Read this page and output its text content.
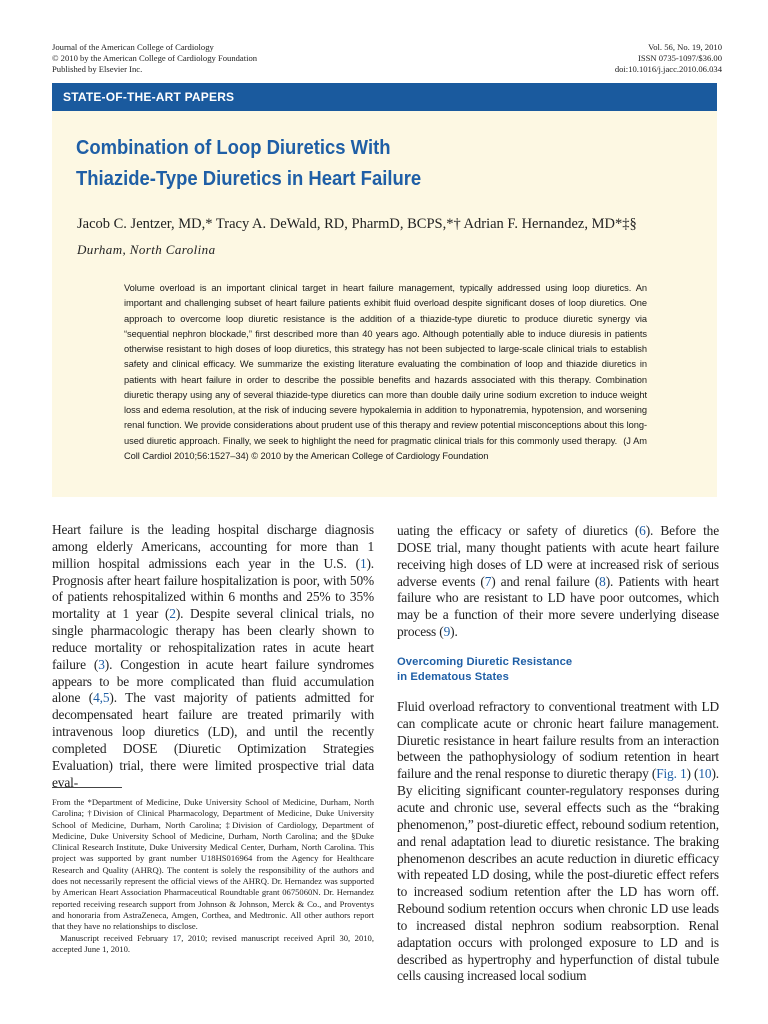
Journal of the American College of Cardiology
© 2010 by the American College of Cardiology Foundation
Published by Elsevier Inc.
Vol. 56, No. 19, 2010
ISSN 0735-1097/$36.00
doi:10.1016/j.jacc.2010.06.034
STATE-OF-THE-ART PAPERS
Combination of Loop Diuretics With
Thiazide-Type Diuretics in Heart Failure
Jacob C. Jentzer, MD,* Tracy A. DeWald, RD, PharmD, BCPS,*† Adrian F. Hernandez, MD*‡§
Durham, North Carolina
Volume overload is an important clinical target in heart failure management, typically addressed using loop diuretics. An important and challenging subset of heart failure patients exhibit fluid overload despite significant doses of loop diuretics. One approach to overcome loop diuretic resistance is the addition of a thiazide-type diuretic to produce diuretic synergy via “sequential nephron blockade,” first described more than 40 years ago. Although potentially able to induce diuresis in patients otherwise resistant to high doses of loop diuretics, this strategy has not been subjected to large-scale clinical trials to establish safety and clinical efficacy. We summarize the existing literature evaluating the combination of loop and thiazide diuretics in patients with heart failure in order to describe the possible benefits and hazards associated with this therapy. Combination diuretic therapy using any of several thiazide-type diuretics can more than double daily urine sodium excretion to induce weight loss and edema resolution, at the risk of inducing severe hypokalemia in addition to hyponatremia, hypotension, and worsening renal function. We provide considerations about prudent use of this therapy and review potential misconceptions about this long-used diuretic approach. Finally, we seek to highlight the need for pragmatic clinical trials for this commonly used therapy. (J Am Coll Cardiol 2010;56:1527–34) © 2010 by the American College of Cardiology Foundation

Heart failure is the leading hospital discharge diagnosis among elderly Americans, accounting for more than 1 million hospital admissions each year in the U.S. (1). Prognosis after heart failure hospitalization is poor, with 50% of patients rehospitalized within 6 months and 25% to 35% mortality at 1 year (2). Despite several clinical trials, no single pharmacologic therapy has been clearly shown to reduce mortality or rehospitalization rates in acute heart failure (3). Congestion in acute heart failure syndromes appears to be more complicated than fluid accumulation alone (4,5). The vast majority of patients admitted for decompensated heart failure are treated primarily with intravenous loop diuretics (LD), and until the recently completed DOSE (Diuretic Optimization Strategies Evaluation) trial, there were limited prospective trial data eval-

uating the efficacy or safety of diuretics (6). Before the DOSE trial, many thought patients with acute heart failure receiving high doses of LD were at increased risk of serious adverse events (7) and renal failure (8). Patients with heart failure who are resistant to LD have poor outcomes, which may be a function of their more severe underlying disease process (9).

Overcoming Diuretic Resistance
in Edematous States

Fluid overload refractory to conventional treatment with LD can complicate acute or chronic heart failure management. Diuretic resistance in heart failure results from an interaction between the pathophysiology of sodium retention in heart failure and the renal response to diuretic therapy (Fig. 1) (10). By eliciting significant counter-regulatory responses during acute and chronic use, several effects such as the “braking phenomenon,” post-diuretic effect, rebound sodium retention, and renal adaptation lead to diuretic resistance. The braking phenomenon describes an acute reduction in diuretic efficacy with repeated LD dosing, while the post-diuretic effect refers to increased sodium retention after the LD has worn off. Rebound sodium retention occurs when chronic LD use leads to increased distal nephron sodium reabsorption. Renal adaptation occurs with prolonged exposure to LD and is described as hypertrophy and hyperfunction of distal tubule cells causing increased local sodium

From the *Department of Medicine, Duke University School of Medicine, Durham, North Carolina; †Division of Clinical Pharmacology, Department of Medicine, Duke University School of Medicine, Durham, North Carolina; ‡Division of Cardiology, Department of Medicine, Duke University School of Medicine, Durham, North Carolina; and the §Duke Clinical Research Institute, Duke University Medical Center, Durham, North Carolina. This project was supported by grant number U18HS016964 from the Agency for Healthcare Research and Quality (AHRQ). The content is solely the responsibility of the authors and does not necessarily represent the official views of the AHRQ. Dr. Hernandez was supported by American Heart Association Pharmaceutical Roundtable grant 0675060N. Dr. Hernandez reported receiving research support from Johnson & Johnson, Merck & Co., and Proventys and honoraria from AstraZeneca, Amgen, Corthea, and Medtronic. All other authors report that they have no relationships to disclose.

Manuscript received February 17, 2010; revised manuscript received April 30, 2010, accepted June 1, 2010.
